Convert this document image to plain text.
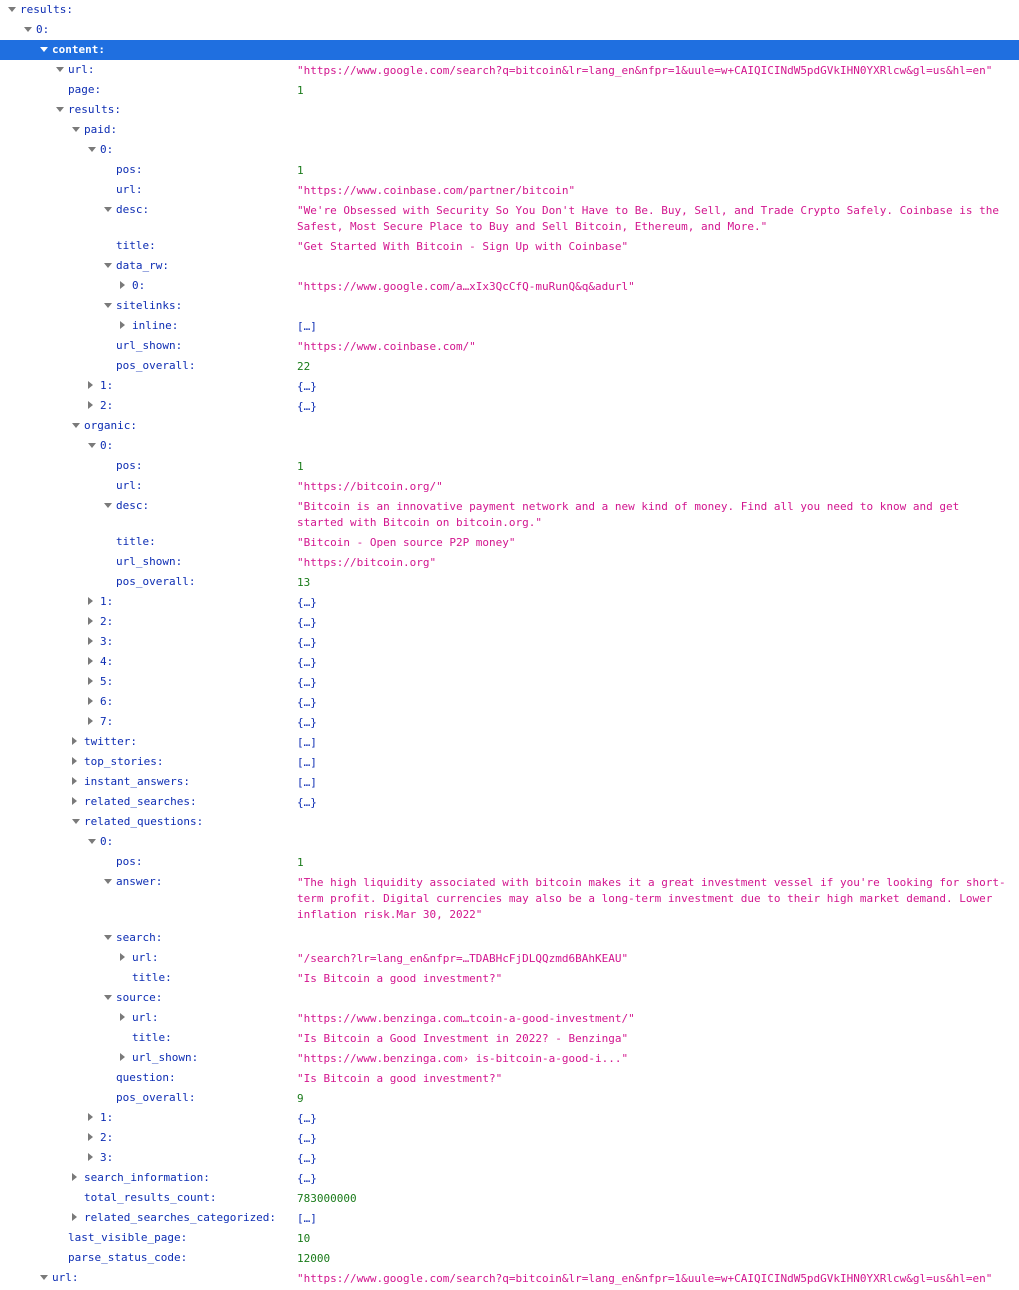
results:
0:
content:
url:	"https://www.google.com/search?q=bitcoin&lr=lang_en&nfpr=1&uule=w+CAIQICINdW5pdGVkIHN0YXRlcw&gl=us&hl=en"
page:	1
results:
paid:
0:
pos:	1
url:	"https://www.coinbase.com/partner/bitcoin"
desc:	"We're Obsessed with Security So You Don't Have to Be. Buy, Sell, and Trade Crypto Safely. Coinbase is the Safest, Most Secure Place to Buy and Sell Bitcoin, Ethereum, and More."
title:	"Get Started With Bitcoin - Sign Up with Coinbase"
data_rw:
0:	"https://www.google.com/a…xIx3QcCfQ-muRunQ&q&adurl"
sitelinks:
inline:	[…]
url_shown:	"https://www.coinbase.com/"
pos_overall:	22
1:	{…}
2:	{…}
organic:
0:
pos:	1
url:	"https://bitcoin.org/"
desc:	"Bitcoin is an innovative payment network and a new kind of money. Find all you need to know and get started with Bitcoin on bitcoin.org."
title:	"Bitcoin - Open source P2P money"
url_shown:	"https://bitcoin.org"
pos_overall:	13
1:	{…}
2:	{…}
3:	{…}
4:	{…}
5:	{…}
6:	{…}
7:	{…}
twitter:	[…]
top_stories:	[…]
instant_answers:	[…]
related_searches:	{…}
related_questions:
0:
pos:	1
answer:	"The high liquidity associated with bitcoin makes it a great investment vessel if you're looking for short-term profit. Digital currencies may also be a long-term investment due to their high market demand. Lower inflation risk.Mar 30, 2022"
search:
url:	"/search?lr=lang_en&nfpr=…TDABHcFjDLQQzmd6BAhKEAU"
title:	"Is Bitcoin a good investment?"
source:
url:	"https://www.benzinga.com…tcoin-a-good-investment/"
title:	"Is Bitcoin a Good Investment in 2022? - Benzinga"
url_shown:	"https://www.benzinga.com› is-bitcoin-a-good-i..."
question:	"Is Bitcoin a good investment?"
pos_overall:	9
1:	{…}
2:	{…}
3:	{…}
search_information:	{…}
total_results_count:	783000000
related_searches_categorized: […]
last_visible_page:	10
parse_status_code:	12000
url:	"https://www.google.com/search?q=bitcoin&lr=lang_en&nfpr=1&uule=w+CAIQICINdW5pdGVkIHN0YXRlcw&gl=us&hl=en"
